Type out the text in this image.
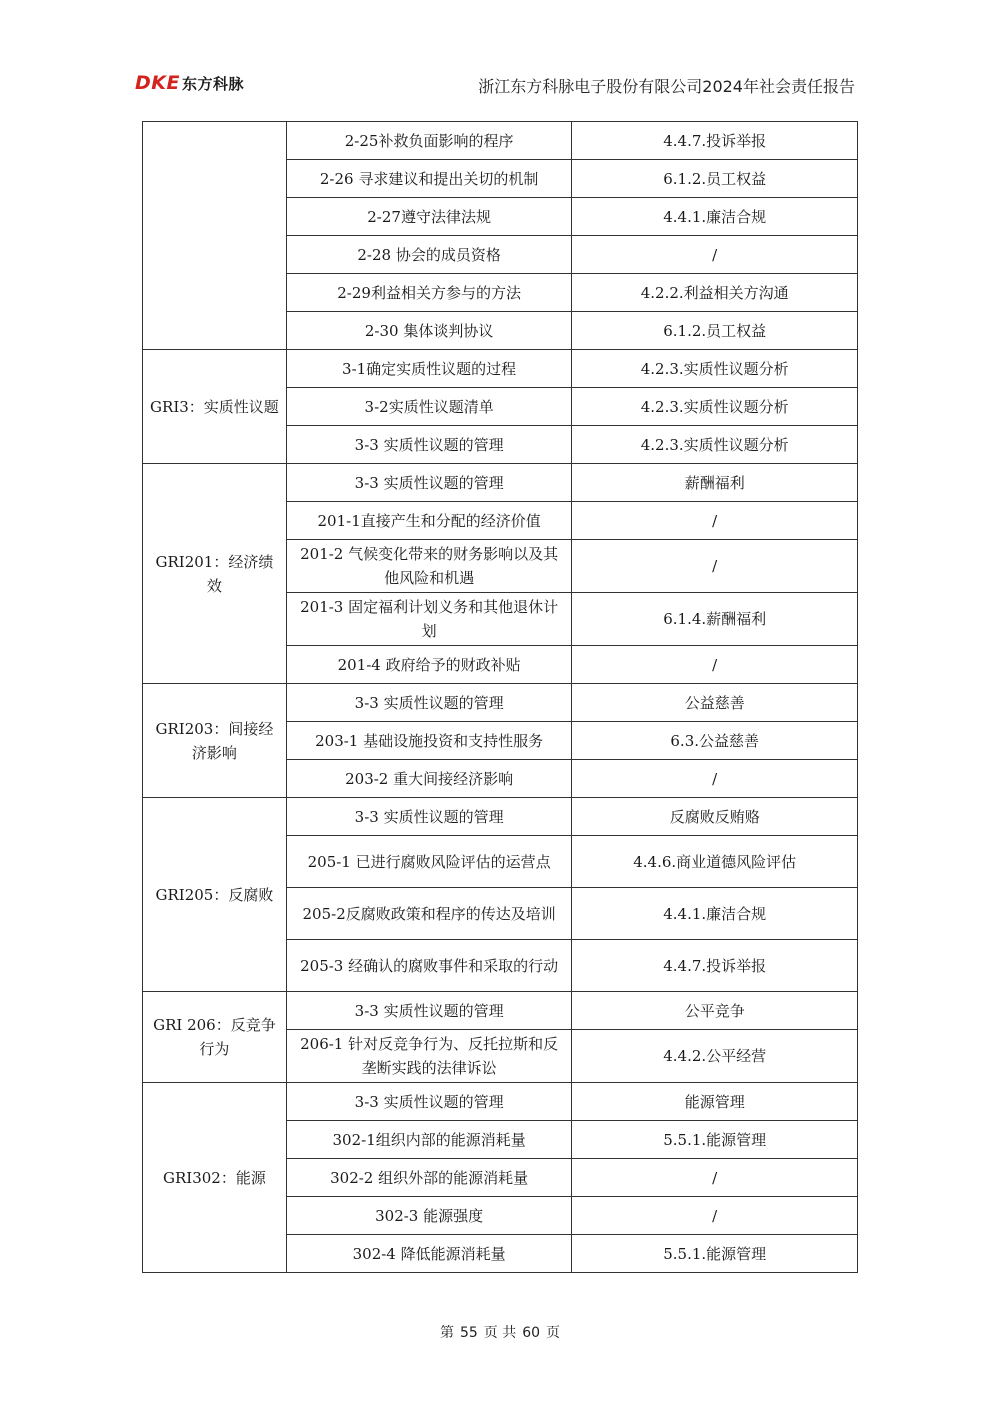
DKE 东方科脉	浙江东方科脉电子股份有限公司2024年社会责任报告
	2-25补救负面影响的程序	4.4.7.投诉举报
	2-26 寻求建议和提出关切的机制	6.1.2.员工权益
	2-27遵守法律法规	4.4.1.廉洁合规
	2-28 协会的成员资格	/
	2-29利益相关方参与的方法	4.2.2.利益相关方沟通
	2-30 集体谈判协议	6.1.2.员工权益
GRI3：实质性议题	3-1确定实质性议题的过程	4.2.3.实质性议题分析
	3-2实质性议题清单	4.2.3.实质性议题分析
	3-3 实质性议题的管理	4.2.3.实质性议题分析
GRI201：经济绩效	3-3 实质性议题的管理	薪酬福利
	201-1直接产生和分配的经济价值	/
	201-2 气候变化带来的财务影响以及其他风险和机遇	/
	201-3 固定福利计划义务和其他退休计划	6.1.4.薪酬福利
	201-4 政府给予的财政补贴	/
GRI203：间接经济影响	3-3 实质性议题的管理	公益慈善
	203-1 基础设施投资和支持性服务	6.3.公益慈善
	203-2 重大间接经济影响	/
GRI205：反腐败	3-3 实质性议题的管理	反腐败反贿赂
	205-1 已进行腐败风险评估的运营点	4.4.6.商业道德风险评估
	205-2反腐败政策和程序的传达及培训	4.4.1.廉洁合规
	205-3 经确认的腐败事件和采取的行动	4.4.7.投诉举报
GRI 206：反竞争行为	3-3 实质性议题的管理	公平竞争
	206-1 针对反竞争行为、反托拉斯和反垄断实践的法律诉讼	4.4.2.公平经营
GRI302：能源	3-3 实质性议题的管理	能源管理
	302-1组织内部的能源消耗量	5.5.1.能源管理
	302-2 组织外部的能源消耗量	/
	302-3 能源强度	/
	302-4 降低能源消耗量	5.5.1.能源管理
第 55 页 共 60 页
